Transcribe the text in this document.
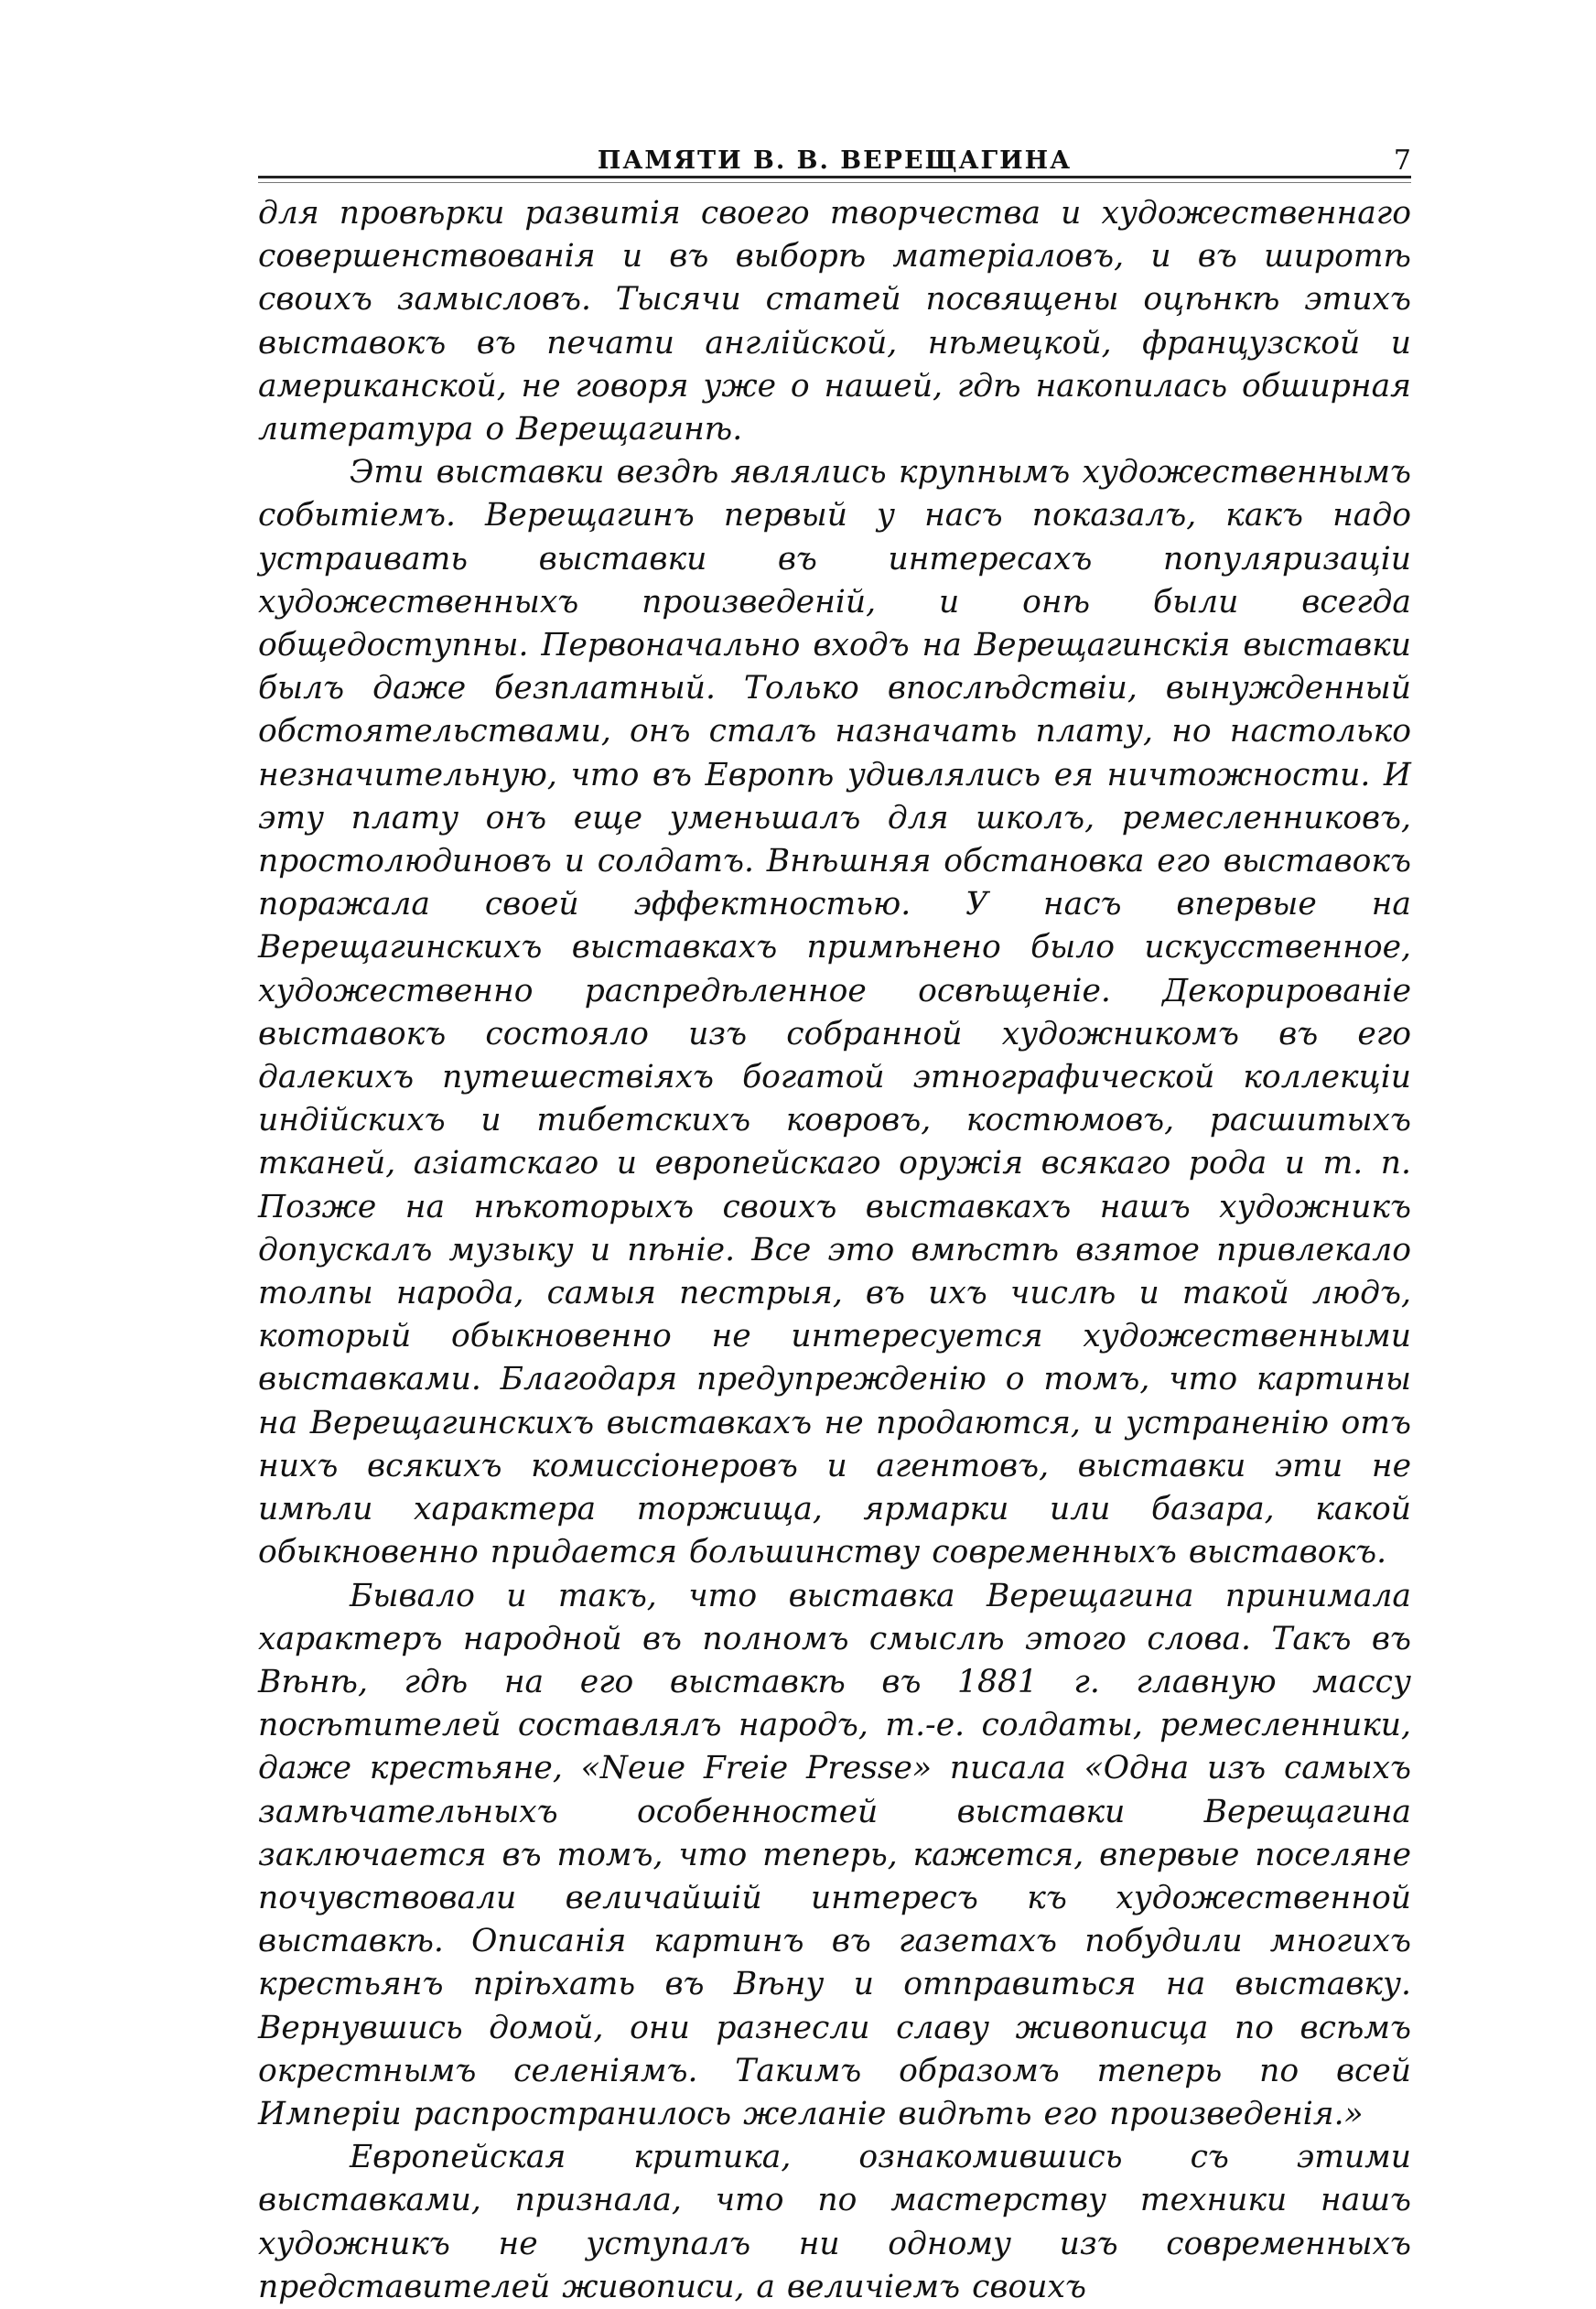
ПАМЯТИ В. В. ВЕРЕЩАГИНА	7

для провѣрки развитія своего творчества и художественнаго совершенствованія и въ выборѣ матеріаловъ, и въ широтѣ своихъ замысловъ. Тысячи статей посвящены оцѣнкѣ этихъ выставокъ въ печати англійской, нѣмецкой, французской и американской, не говоря уже о нашей, гдѣ накопилась обширная литература о Верещагинѣ.

Эти выставки вездѣ являлись крупнымъ художественнымъ событіемъ. Верещагинъ первый у насъ показалъ, какъ надо устраивать выставки въ интересахъ популяризаціи художественныхъ произведеній, и онѣ были всегда общедоступны. Первоначально входъ на Верещагинскія выставки былъ даже безплатный. Только впослѣдствіи, вынужденный обстоятельствами, онъ сталъ назначать плату, но настолько незначительную, что въ Европѣ удивлялись ея ничтожности. И эту плату онъ еще уменьшалъ для школъ, ремесленниковъ, простолюдиновъ и солдатъ. Внѣшняя обстановка его выставокъ поражала своей эффектностью. У насъ впервые на Верещагинскихъ выставкахъ примѣнено было искусственное, художественно распредѣленное освѣщеніе. Декорированіе выставокъ состояло изъ собранной художникомъ въ его далекихъ путешествіяхъ богатой этнографической коллекціи индійскихъ и тибетскихъ ковровъ, костюмовъ, расшитыхъ тканей, азіатскаго и европейскаго оружія всякаго рода и т. п. Позже на нѣкоторыхъ своихъ выставкахъ нашъ художникъ допускалъ музыку и пѣніе. Все это вмѣстѣ взятое привлекало толпы народа, самыя пестрыя, въ ихъ числѣ и такой людъ, который обыкновенно не интересуется художественными выставками. Благодаря предупрежденію о томъ, что картины на Верещагинскихъ выставкахъ не продаются, и устраненію отъ нихъ всякихъ комиссіонеровъ и агентовъ, выставки эти не имѣли характера торжища, ярмарки или базара, какой обыкновенно придается большинству современныхъ выставокъ.

Бывало и такъ, что выставка Верещагина принимала характеръ народной въ полномъ смыслѣ этого слова. Такъ въ Вѣнѣ, гдѣ на его выставкѣ въ 1881 г. главную массу посѣтителей составлялъ народъ, т.-е. солдаты, ремесленники, даже крестьяне, «Neue Freie Presse» писала «Одна изъ самыхъ замѣчательныхъ особенностей выставки Верещагина заключается въ томъ, что теперь, кажется, впервые поселяне почувствовали величайшій интересъ къ художественной выставкѣ. Описанія картинъ въ газетахъ побудили многихъ крестьянъ пріѣхать въ Вѣну и отправиться на выставку. Вернувшись домой, они разнесли славу живописца по всѣмъ окрестнымъ селеніямъ. Такимъ образомъ теперь по всей Имперіи распространилось желаніе видѣть его произведенія.»

Европейская критика, ознакомившись съ этими выставками, признала, что по мастерству техники нашъ художникъ не уступалъ ни одному изъ современныхъ представителей живописи, а величіемъ своихъ
